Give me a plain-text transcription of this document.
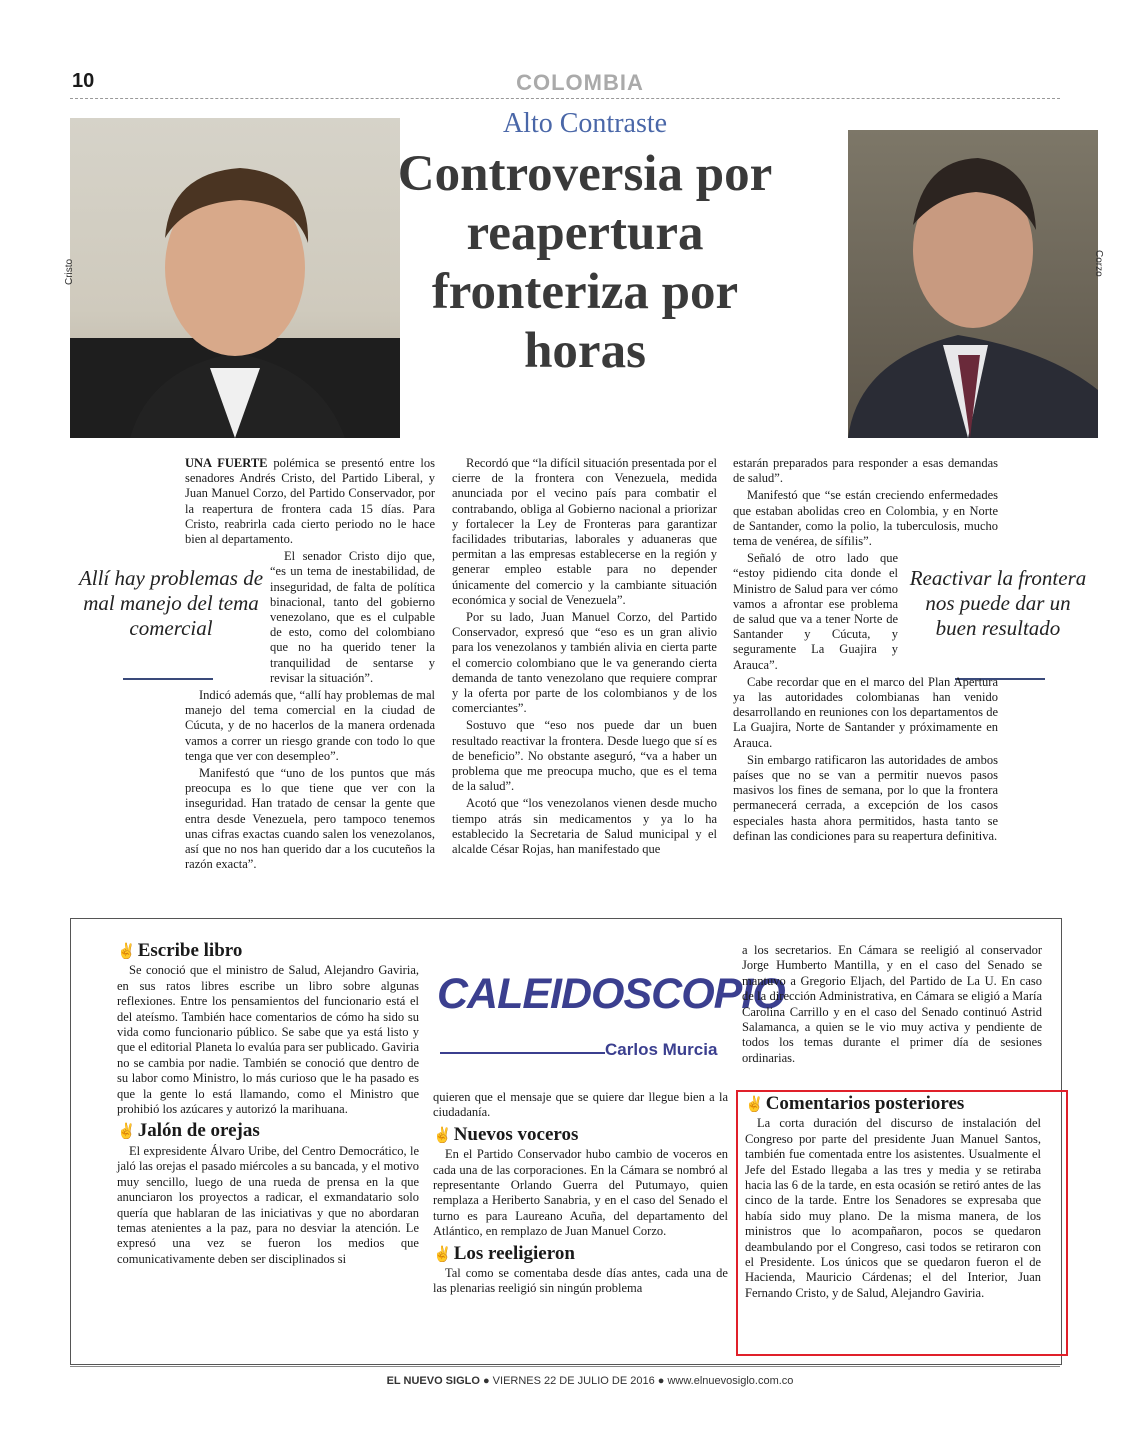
10	COLOMBIA
Cristo	Corzo
Alto Contraste
Controversia por reapertura fronteriza por horas
Allí hay problemas de mal manejo del tema comercial
Reactivar la frontera nos puede dar un buen resultado

UNA FUERTE polémica se presentó entre los senadores Andrés Cristo, del Partido Liberal, y Juan Manuel Corzo, del Partido Conservador, por la reapertura de frontera cada 15 días. Para Cristo, reabrirla cada cierto periodo no le hace bien al departamento.

El senador Cristo dijo que, “es un tema de inestabilidad, de inseguridad, de falta de política binacional, tanto del gobierno venezolano, que es el culpable de esto, como del colombiano que no ha querido tener la tranquilidad de sentarse y revisar la situación”.

Indicó además que, “allí hay problemas de mal manejo del tema comercial en la ciudad de Cúcuta, y de no hacerlos de la manera ordenada vamos a correr un riesgo grande con todo lo que tenga que ver con desempleo”.

Manifestó que “uno de los puntos que más preocupa es lo que tiene que ver con la inseguridad. Han tratado de censar la gente que entra desde Venezuela, pero tampoco tenemos unas cifras exactas cuando salen los venezolanos, así que no nos han querido dar a los cucuteños la razón exacta”.

Recordó que “la difícil situación presentada por el cierre de la frontera con Venezuela, medida anunciada por el vecino país para combatir el contrabando, obliga al Gobierno nacional a priorizar y fortalecer la Ley de Fronteras para garantizar facilidades tributarias, laborales y aduaneras que permitan a las empresas establecerse en la región y generar empleo estable para no depender únicamente del comercio y la cambiante situación económica y social de Venezuela”.

Por su lado, Juan Manuel Corzo, del Partido Conservador, expresó que “eso es un gran alivio para los venezolanos y también alivia en cierta parte el comercio colombiano que le va generando cierta demanda de tanto venezolano que requiere comprar y la oferta por parte de los colombianos y de los comerciantes”.

Sostuvo que “eso nos puede dar un buen resultado reactivar la frontera. Desde luego que sí es de beneficio”. No obstante aseguró, “va a haber un problema que me preocupa mucho, que es el tema de la salud”.

Acotó que “los venezolanos vienen desde mucho tiempo atrás sin medicamentos y ya lo ha establecido la Secretaria de Salud municipal y el alcalde César Rojas, han manifestado que

estarán preparados para responder a esas demandas de salud”.

Manifestó que “se están creciendo enfermedades que estaban abolidas creo en Colombia, y en Norte de Santander, como la polio, la tuberculosis, mucho tema de venérea, de sífilis”.

Señaló de otro lado que “estoy pidiendo cita donde el Ministro de Salud para ver cómo vamos a afrontar ese problema de salud que va a tener Norte de Santander y Cúcuta, y seguramente La Guajira y Arauca”.

Cabe recordar que en el marco del Plan Apertura ya las autoridades colombianas han venido desarrollando en reuniones con los departamentos de La Guajira, Norte de Santander y próximamente en Arauca.

Sin embargo ratificaron las autoridades de ambos países que no se van a permitir nuevos pasos masivos los fines de semana, por lo que la frontera permanecerá cerrada, a excepción de los casos especiales hasta ahora permitidos, hasta tanto se definan las condiciones para su reapertura definitiva.

✌ Escribe libro

Se conoció que el ministro de Salud, Alejandro Gaviria, en sus ratos libres escribe un libro sobre algunas reflexiones. Entre los pensamientos del funcionario está el del ateísmo. También hace comentarios de cómo ha sido su vida como funcionario público. Se sabe que ya está listo y que el editorial Planeta lo evalúa para ser publicado. Gaviria no se cambia por nadie. También se conoció que dentro de su labor como Ministro, lo más curioso que le ha pasado es que la gente lo está llamando, como el Ministro que prohibió los azúcares y autorizó la marihuana.

✌ Jalón de orejas

El expresidente Álvaro Uribe, del Centro Democrático, le jaló las orejas el pasado miércoles a su bancada, y el motivo muy sencillo, luego de una rueda de prensa en la que anunciaron los proyectos a radicar, el exmandatario solo quería que hablaran de las iniciativas y que no abordaran temas atenientes a la paz, para no desviar la atención. Le expresó una vez se fueron los medios que comunicativamente deben ser disciplinados si

CALEIDOSCOPIO
Carlos Murcia

quieren que el mensaje que se quiere dar llegue bien a la ciudadanía.

✌ Nuevos voceros

En el Partido Conservador hubo cambio de voceros en cada una de las corporaciones. En la Cámara se nombró al representante Orlando Guerra del Putumayo, quien remplaza a Heriberto Sanabria, y en el caso del Senado el turno es para Laureano Acuña, del departamento del Atlántico, en remplazo de Juan Manuel Corzo.

✌ Los reeligieron

Tal como se comentaba desde días antes, cada una de las plenarias reeligió sin ningún problema

a los secretarios. En Cámara se reeligió al conservador Jorge Humberto Mantilla, y en el caso del Senado se mantuvo a Gregorio Eljach, del Partido de La U. En caso de la dirección Administrativa, en Cámara se eligió a María Carolina Carrillo y en el caso del Senado continuó Astrid Salamanca, a quien se le vio muy activa y pendiente de todos los temas durante el primer día de sesiones ordinarias.

✌ Comentarios posteriores

La corta duración del discurso de instalación del Congreso por parte del presidente Juan Manuel Santos, también fue comentada entre los asistentes. Usualmente el Jefe del Estado llegaba a las tres y media y se retiraba hacia las 6 de la tarde, en esta ocasión se retiró antes de las cinco de la tarde. Entre los Senadores se expresaba que había sido muy plano. De la misma manera, de los ministros que lo acompañaron, pocos se quedaron deambulando por el Congreso, casi todos se retiraron con el Presidente. Los únicos que se quedaron fueron el de Hacienda, Mauricio Cárdenas; el del Interior, Juan Fernando Cristo, y de Salud, Alejandro Gaviria.

EL NUEVO SIGLO ● VIERNES 22 DE JULIO DE 2016 ● www.elnuevosiglo.com.co
